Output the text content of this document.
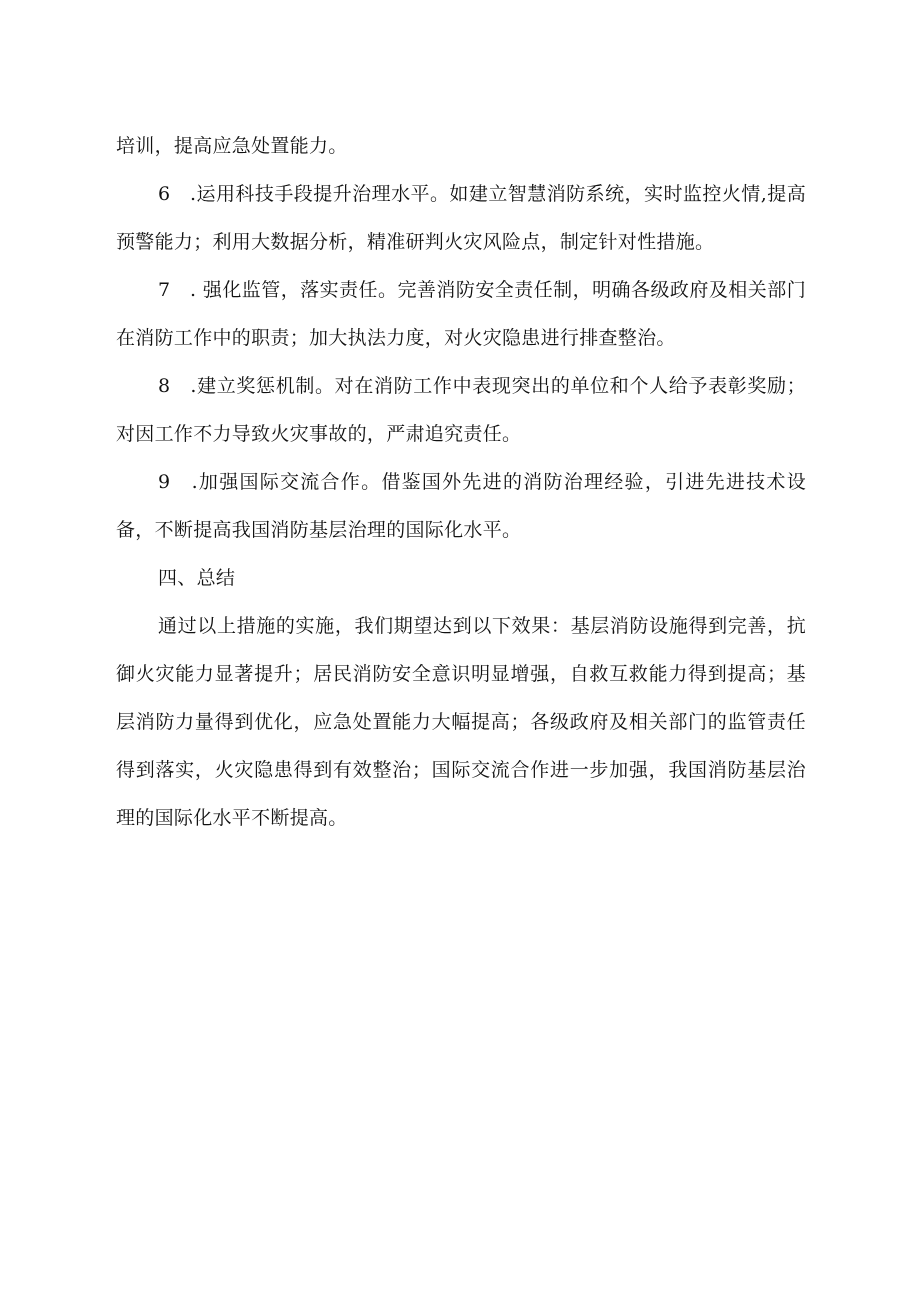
培训，提高应急处置能力。

6　.运用科技手段提升治理水平。如建立智慧消防系统，实时监控火情,提高预警能力；利用大数据分析，精准研判火灾风险点，制定针对性措施。

7　. 强化监管，落实责任。完善消防安全责任制，明确各级政府及相关部门在消防工作中的职责；加大执法力度，对火灾隐患进行排查整治。

8　.建立奖惩机制。对在消防工作中表现突出的单位和个人给予表彰奖励；对因工作不力导致火灾事故的，严肃追究责任。

9　.加强国际交流合作。借鉴国外先进的消防治理经验，引进先进技术设备，不断提高我国消防基层治理的国际化水平。

四、总结

通过以上措施的实施，我们期望达到以下效果：基层消防设施得到完善，抗御火灾能力显著提升；居民消防安全意识明显增强，自救互救能力得到提高；基层消防力量得到优化，应急处置能力大幅提高；各级政府及相关部门的监管责任得到落实，火灾隐患得到有效整治；国际交流合作进一步加强，我国消防基层治理的国际化水平不断提高。
